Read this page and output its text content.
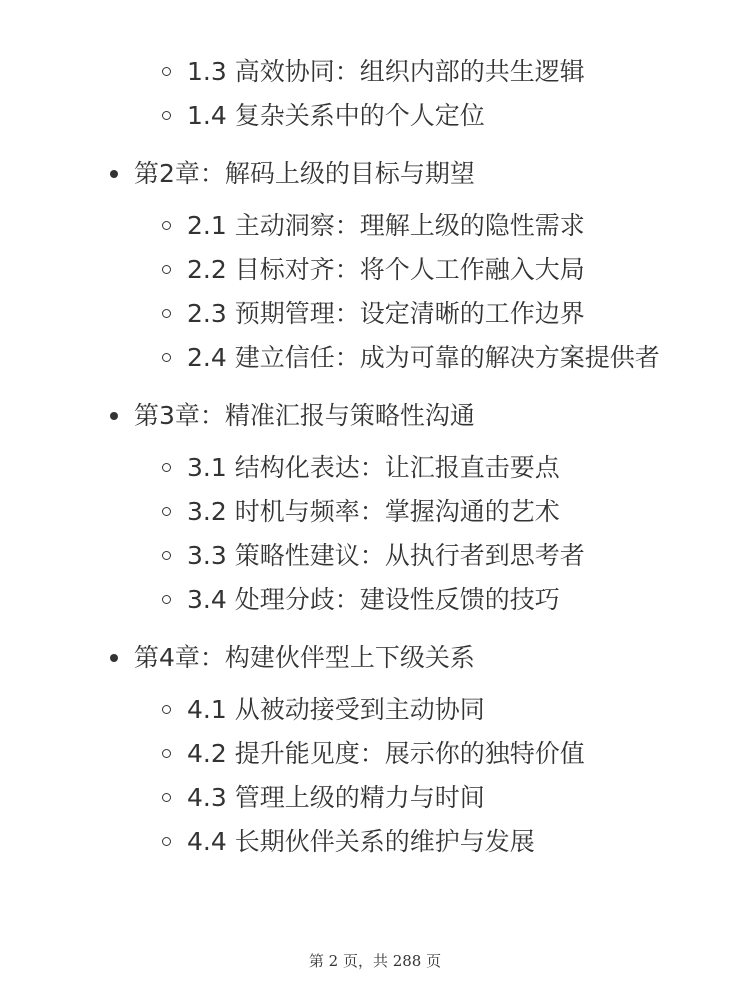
1.3 高效协同：组织内部的共生逻辑
1.4 复杂关系中的个人定位
第2章：解码上级的目标与期望
2.1 主动洞察：理解上级的隐性需求
2.2 目标对齐：将个人工作融入大局
2.3 预期管理：设定清晰的工作边界
2.4 建立信任：成为可靠的解决方案提供者
第3章：精准汇报与策略性沟通
3.1 结构化表达：让汇报直击要点
3.2 时机与频率：掌握沟通的艺术
3.3 策略性建议：从执行者到思考者
3.4 处理分歧：建设性反馈的技巧
第4章：构建伙伴型上下级关系
4.1 从被动接受到主动协同
4.2 提升能见度：展示你的独特价值
4.3 管理上级的精力与时间
4.4 长期伙伴关系的维护与发展
第 2 页，共 288 页
